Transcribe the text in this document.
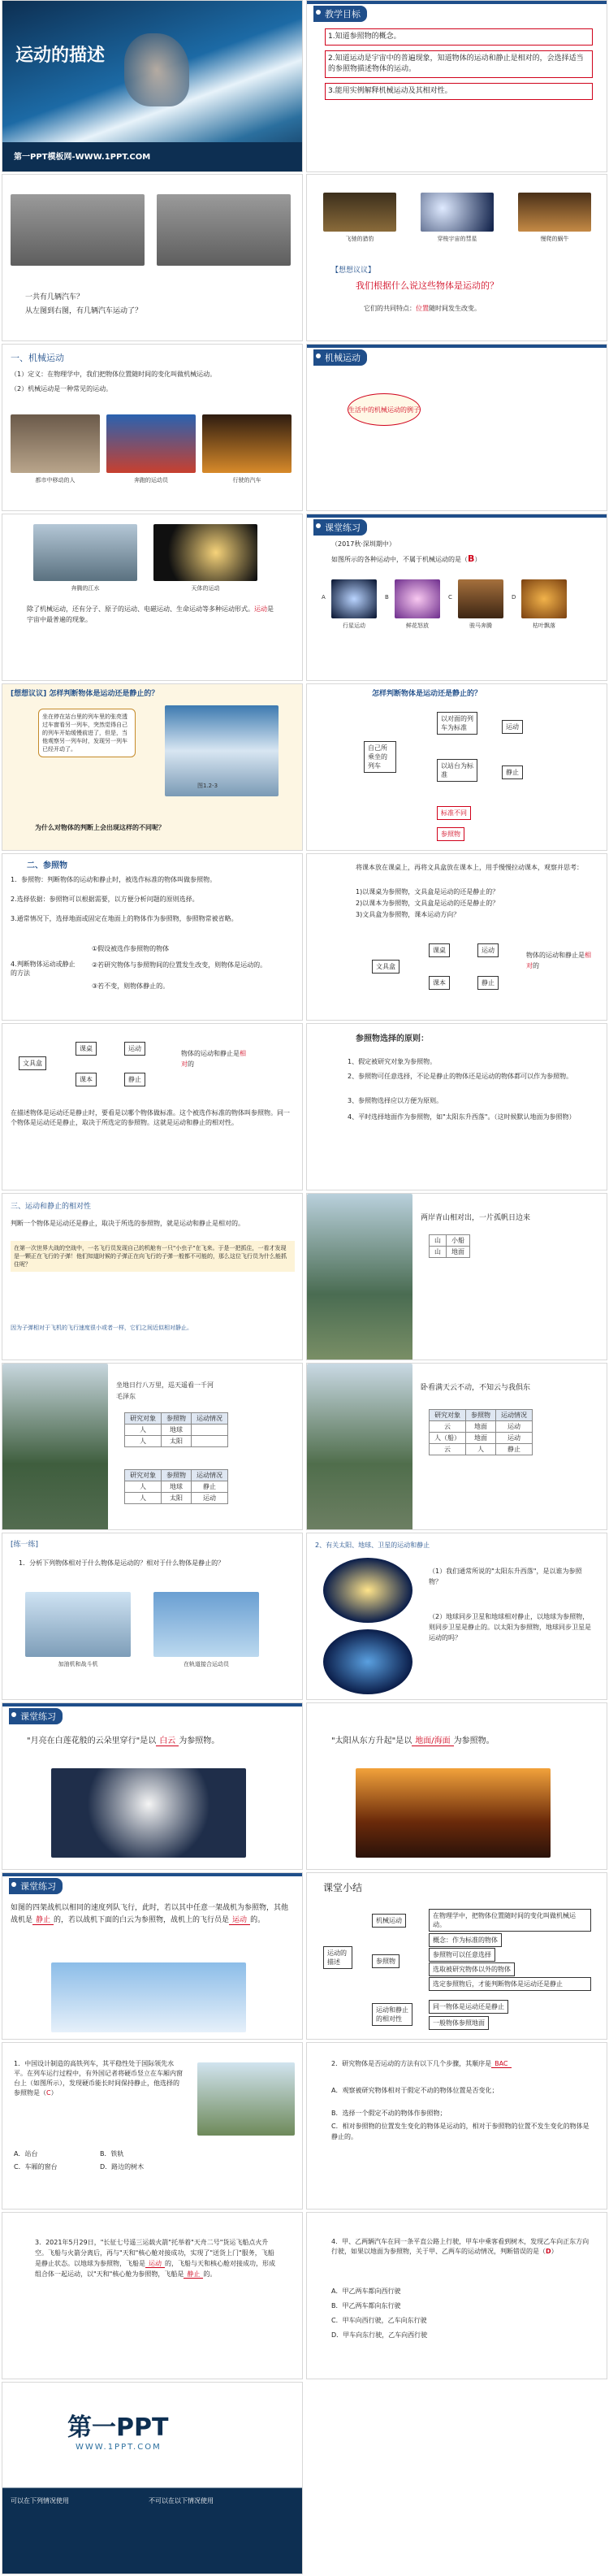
运动的描述
第一PPT模板网-WWW.1PPT.COM
教学目标
1.知道参照物的概念。
2.知道运动是宇宙中的普遍现象，知道物体的运动和静止是相对的，会选择适当的参照物描述物体的运动。
3.能用实例解释机械运动及其相对性。
一共有几辆汽车？
从左图到右图，有几辆汽车运动了？
飞驰的猎豹	穿梭宇宙的彗星	慢爬的蜗牛
【想想议议】
我们根据什么说这些物体是运动的？
它们的共同特点：位置随时间发生改变。
一、机械运动
（1）定义：在物理学中，我们把物体位置随时间的变化叫做机械运动。
（2）机械运动是一种常见的运动。
都市中移动的人	奔跑的运动员	行驶的汽车
机械运动
生活中的机械运动的例子
奔腾的江水	天体的运动
除了机械运动，还有分子、原子的运动、电磁运动、生命运动等多种运动形式。运动是宇宙中最普遍的现象。
课堂练习
（2017秋·深圳期中）
如图所示的各种运动中，不属于机械运动的是（B）
A	B	C	D
行星运动	鲜花怒放	骏马奔腾	枯叶飘落
[想想议议] 怎样判断物体是运动还是静止的？
坐在停在站台里的列车里的张亮透过车窗看另一列车，突然觉得自己的列车开始缓慢前进了，但是，当他观察另一列车时，发现另一列车已经开动了。
图1.2-3
为什么对物体的判断上会出现这样的不同呢？
怎样判断物体是运动还是静止的？
自己所乘坐的列车
以对面的列车为标准
以站台为标准
运动
静止
标准不同
参照物
二、参照物
1．参照物：判断物体的运动和静止时，被选作标准的物体叫做参照物。
2.选择依据：参照物可以根据需要，以方便分析问题的原则选择。
3.通常情况下，选择地面或固定在地面上的物体作为参照物，参照物常被省略。
4.判断物体运动或静止的方法
①假设被选作参照物的物体
②若研究物体与参照物间的位置发生改变，则物体是运动的。
③若不变，则物体静止的。
将课本放在课桌上，再将文具盒放在课本上，用手慢慢拉动课本，观察并思考：
1)以课桌为参照物，文具盒是运动的还是静止的？
2)以课本为参照物，文具盒是运动的还是静止的？
3)文具盒为参照物，课本运动方向？
文具盒
课桌
课本
运动
静止
物体的运动和静止是相对的
文具盒
课桌
课本
运动
静止
物体的运动和静止是相对的
在描述物体是运动还是静止时，要看是以哪个物体做标准。这个被选作标准的物体叫参照物。同一个物体是运动还是静止，取决于所选定的参照物。这就是运动和静止的相对性。
参照物选择的原则：
1、假定被研究对象为参照物。
2、参照物可任意选择，不论是静止的物体还是运动的物体都可以作为参照物。
3、参照物选择应以方便为原则。
4、平时选择地面作为参照物，如"太阳东升西落"。（这时候默认地面为参照物）
三、运动和静止的相对性
判断一个物体是运动还是静止，取决于所选的参照物，就是运动和静止是相对的。
在第一次世界大战的空战中，一名飞行员发现自己的机舱有一只"小虫子"在飞来。于是一把抓住，一看才发现是一颗正在飞行的子弹！他们知道时候的子弹正在向飞行的子弹一般都不可能的，那么这位飞行员为什么能抓住呢？
因为子弹相对于飞机的飞行速度很小或者一样，它们之间近似相对静止。
两岸青山相对出，一片孤帆日边来
山	小船
山	地面
坐地日行八万里，巡天遥看一千河
毛泽东
研究对象	参照物	运动情况
人	地球	
人	太阳	
研究对象	参照物	运动情况
人	地球	静止
人	太阳	运动
卧看满天云不动，不知云与我俱东
研究对象	参照物	运动情况
云	地面	运动
人（船）	地面	运动
云	人	静止
[练一练]
1．分析下列物体相对于什么物体是运动的？相对于什么物体是静止的？
加油机和战斗机	在轨道接合运动员
2、有关太阳、地球、卫星的运动和静止
（1）我们通常所说的"太阳东升西落"，是以谁为参照物？
（2）地球同步卫星和地球相对静止，以地球为参照物，则同步卫星是静止的。以太阳为参照物，地球同步卫星是运动的吗？
课堂练习
"月亮在白莲花般的云朵里穿行"是以 白云 为参照物。	"太阳从东方升起"是以 地面/海面 为参照物。
课堂练习
如图的四架战机以相同的速度列队飞行，此时，若以其中任意一架战机为参照物，其他战机是 静止 的，若以战机下面的白云为参照物，战机上的飞行员是 运动 的。
课堂小结
运动的描述
机械运动
参照物
运动和静止的相对性
在物理学中，把物体位置随时间的变化叫做机械运动。
概念：作为标准的物体
参照物可以任意选择
选取被研究物体以外的物体
选定参照物后，才能判断物体是运动还是静止
同一物体是运动还是静止
一般物体参照地面
1．中国设计制造的高铁列车，其平稳性处于国际领先水平。在列车运行过程中，有外国记者将硬币竖立在车厢内窗台上（如图所示），发现硬币能长时间保持静止，他选择的参照物是（C）
A．站台	B．铁轨
C．车厢的窗台	D．路边的树木
2．研究物体是否运动的方法有以下几个步骤，其顺序是 BAC
A．观察被研究物体相对于假定不动的物体位置是否变化；
B．选择一个假定不动的物体作参照物；
C．相对参照物的位置发生变化的物体是运动的，相对于参照物的位置不发生变化的物体是静止的。
3．2021年5月29日，"长征七号遥三运载火箭"托举着"天舟二号"货运飞船点火升空。飞船与火箭分离后，再与"天和"核心舱对接成功，实现了"送货上门"服务，飞船是静止状态。以地球为参照物，飞船是 运动 的，飞船与天和核心舱对接成功，形成组合体一起运动，以"天和"核心舱为参照物，飞船是 静止 的。
4．甲、乙两辆汽车在同一条平直公路上行驶，甲车中乘客看到树木，发现乙车向正东方向行驶，如果以地面为参照物，关于甲、乙两车的运动情况，判断错误的是（D）
A．甲乙两车都向西行驶
B．甲乙两车都向东行驶
C．甲车向西行驶，乙车向东行驶
D．甲车向东行驶，乙车向西行驶
第一PPT
WWW.1PPT.COM
可以在下列情况使用	不可以在以下情况使用
